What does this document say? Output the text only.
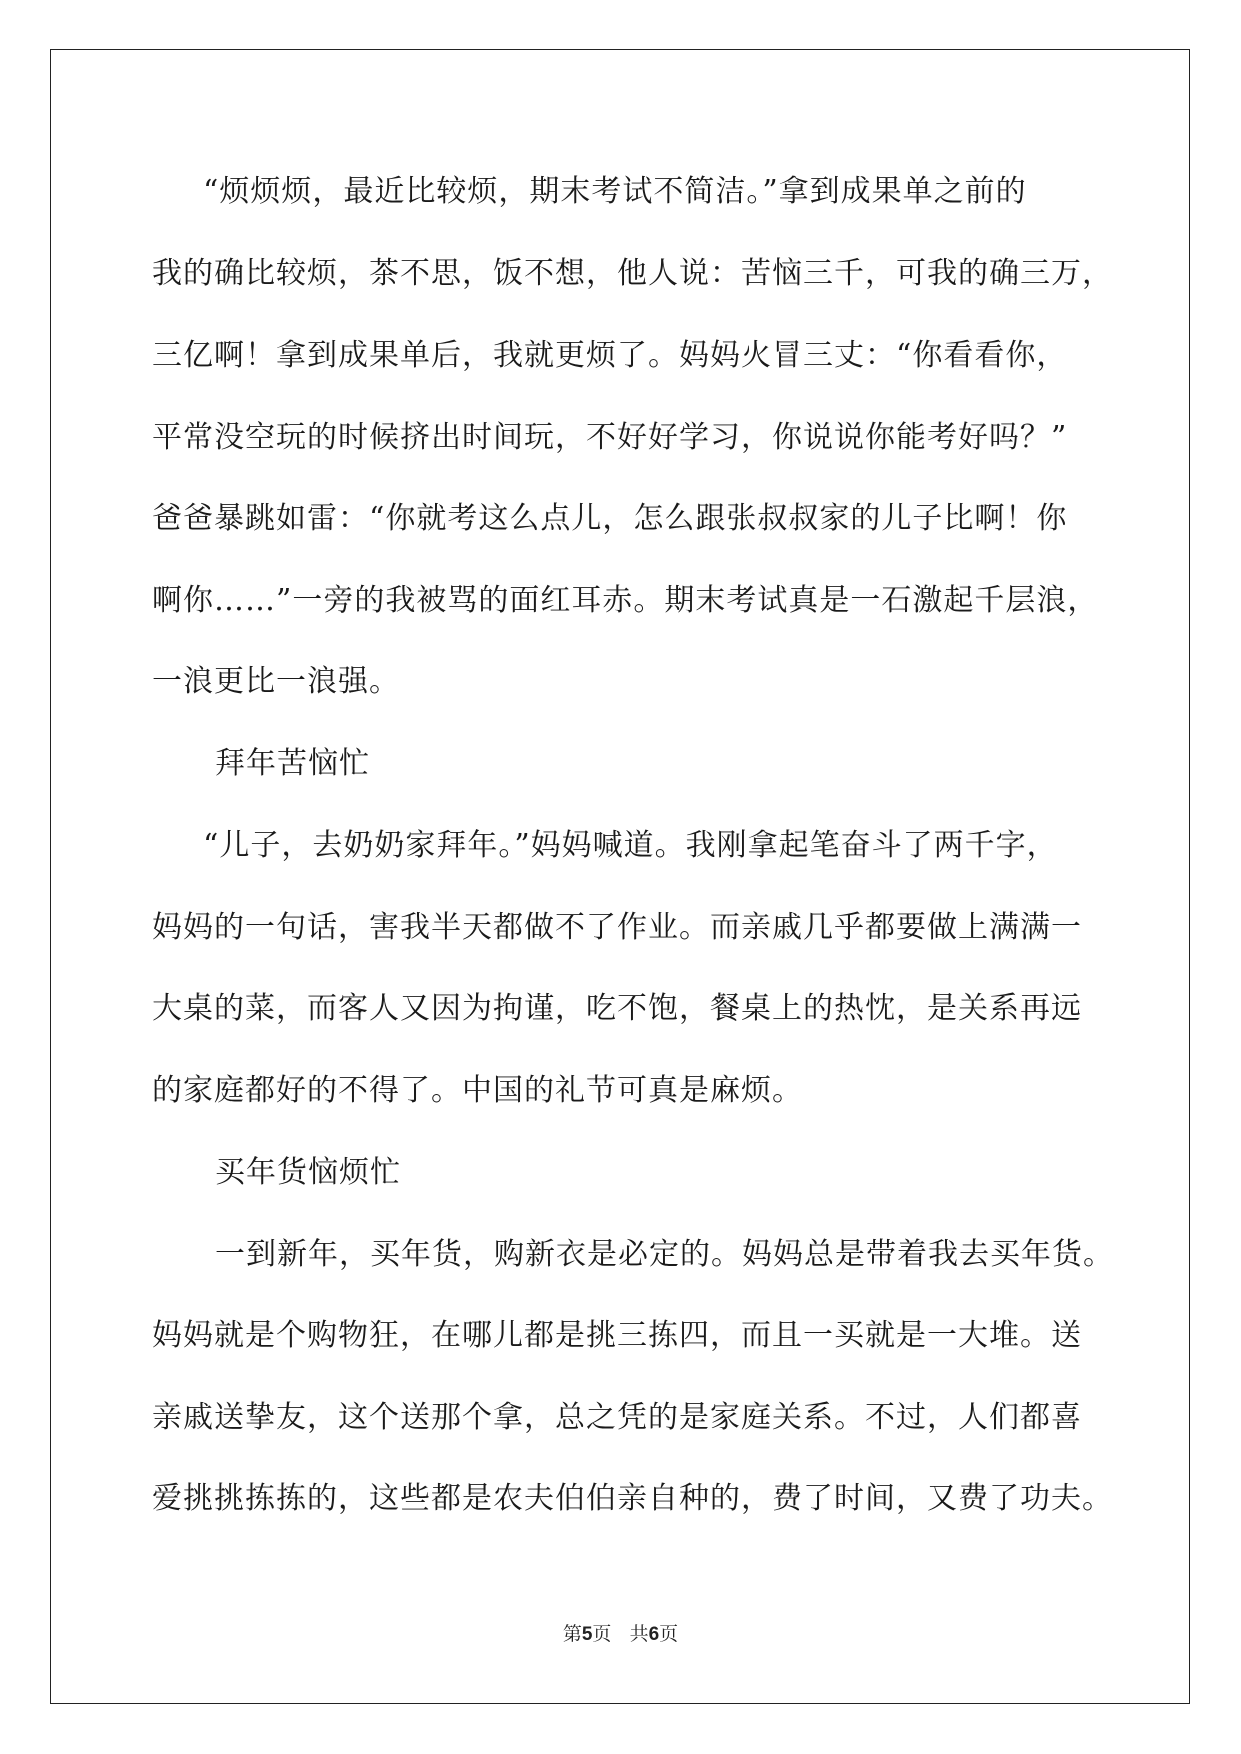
“烦烦烦，最近比较烦，期末考试不简洁。”拿到成果单之前的
我的确比较烦，茶不思，饭不想，他人说：苦恼三千，可我的确三万，
三亿啊！拿到成果单后，我就更烦了。妈妈火冒三丈：“你看看你，
平常没空玩的时候挤出时间玩，不好好学习，你说说你能考好吗？”
爸爸暴跳如雷：“你就考这么点儿，怎么跟张叔叔家的儿子比啊！你
啊你……”一旁的我被骂的面红耳赤。期末考试真是一石激起千层浪，
一浪更比一浪强。
拜年苦恼忙
“儿子，去奶奶家拜年。”妈妈喊道。我刚拿起笔奋斗了两千字，
妈妈的一句话，害我半天都做不了作业。而亲戚几乎都要做上满满一
大桌的菜，而客人又因为拘谨，吃不饱，餐桌上的热忱，是关系再远
的家庭都好的不得了。中国的礼节可真是麻烦。
买年货恼烦忙
一到新年，买年货，购新衣是必定的。妈妈总是带着我去买年货。
妈妈就是个购物狂，在哪儿都是挑三拣四，而且一买就是一大堆。送
亲戚送挚友，这个送那个拿，总之凭的是家庭关系。不过，人们都喜
爱挑挑拣拣的，这些都是农夫伯伯亲自种的，费了时间，又费了功夫。
第5页 共6页
